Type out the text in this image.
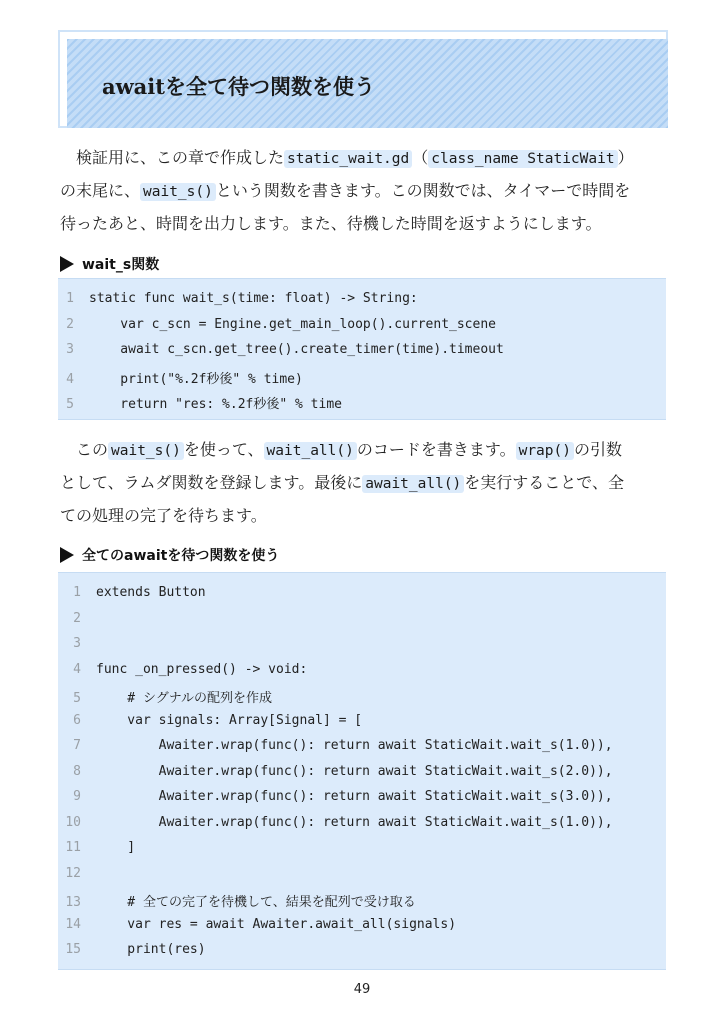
awaitを全て待つ関数を使う
検証用に、この章で作成した static_wait.gd （ class_name StaticWait ）
の末尾に、 wait_s() という関数を書きます。この関数では、タイマーで時間を
待ったあと、時間を出力します。また、待機した時間を返すようにします。
wait_s関数
1 static func wait_s(time: float) -> String:
2    var c_scn = Engine.get_main_loop().current_scene
3    await c_scn.get_tree().create_timer(time).timeout
4    print("%.2f秒後" % time)
5    return "res: %.2f秒後" % time
この wait_s() を使って、 wait_all() のコードを書きます。 wrap() の引数
として、ラムダ関数を登録します。最後に await_all() を実行することで、全
ての処理の完了を待ちます。
全てのawaitを待つ関数を使う
1 extends Button
2
3
4 func _on_pressed() -> void:
5    # シグナルの配列を作成
6    var signals: Array[Signal] = [
7        Awaiter.wrap(func(): return await StaticWait.wait_s(1.0)),
8        Awaiter.wrap(func(): return await StaticWait.wait_s(2.0)),
9        Awaiter.wrap(func(): return await StaticWait.wait_s(3.0)),
10        Awaiter.wrap(func(): return await StaticWait.wait_s(1.0)),
11    ]
12
13    # 全ての完了を待機して、結果を配列で受け取る
14    var res = await Awaiter.await_all(signals)
15    print(res)
49
